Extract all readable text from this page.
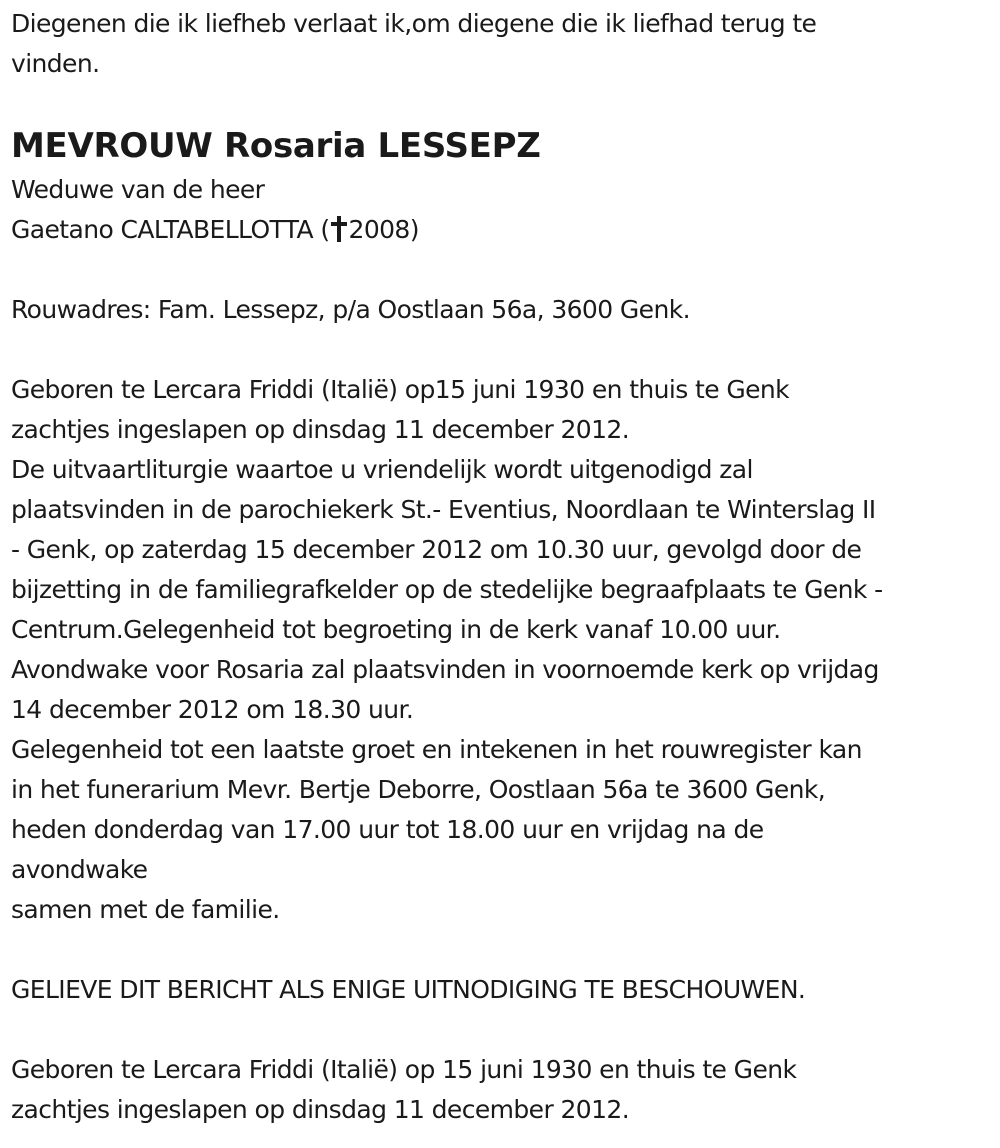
Diegenen die ik liefheb verlaat ik,om diegene die ik liefhad terug te
vinden.
MEVROUW Rosaria LESSEPZ
Weduwe van de heer
Gaetano CALTABELLOTTA ( 2008)
Rouwadres: Fam. Lessepz, p/a Oostlaan 56a, 3600 Genk.
Geboren te Lercara Friddi (Italië) op15 juni 1930 en thuis te Genk
zachtjes ingeslapen op dinsdag 11 december 2012.
De uitvaartliturgie waartoe u vriendelijk wordt uitgenodigd zal
plaatsvinden in de parochiekerk St.- Eventius, Noordlaan te Winterslag II
- Genk, op zaterdag 15 december 2012 om 10.30 uur, gevolgd door de
bijzetting in de familiegrafkelder op de stedelijke begraafplaats te Genk -
Centrum.Gelegenheid tot begroeting in de kerk vanaf 10.00 uur.
Avondwake voor Rosaria zal plaatsvinden in voornoemde kerk op vrijdag
14 december 2012 om 18.30 uur.
Gelegenheid tot een laatste groet en intekenen in het rouwregister kan
in het funerarium Mevr. Bertje Deborre, Oostlaan 56a te 3600 Genk,
heden donderdag van 17.00 uur tot 18.00 uur en vrijdag na de
avondwake
samen met de familie.
GELIEVE DIT BERICHT ALS ENIGE UITNODIGING TE BESCHOUWEN.
Geboren te Lercara Friddi (Italië) op 15 juni 1930 en thuis te Genk
zachtjes ingeslapen op dinsdag 11 december 2012.
